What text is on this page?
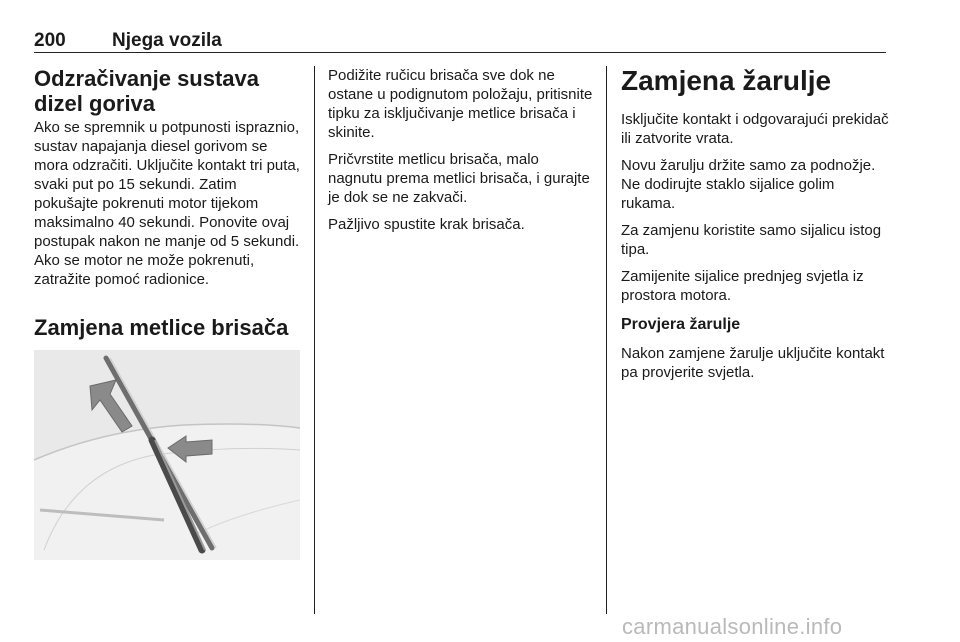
200 Njega vozila
Odzračivanje sustava dizel goriva

Ako se spremnik u potpunosti ispraznio, sustav napajanja diesel gorivom se mora odzračiti. Uključite kontakt tri puta, svaki put po 15 sekundi. Zatim pokušajte pokrenuti motor tijekom maksimalno 40 sekundi. Ponovite ovaj postupak nakon ne manje od 5 sekundi. Ako se motor ne može pokrenuti, zatražite pomoć radionice.

Zamjena metlice brisača

Podižite ručicu brisača sve dok ne ostane u podignutom položaju, pritisnite tipku za isključivanje metlice brisača i skinite.

Pričvrstite metlicu brisača, malo nagnutu prema metlici brisača, i gurajte je dok se ne zakvači.

Pažljivo spustite krak brisača.

Zamjena žarulje

Isključite kontakt i odgovarajući prekidač ili zatvorite vrata.

Novu žarulju držite samo za podnožje. Ne dodirujte staklo sijalice golim rukama.

Za zamjenu koristite samo sijalicu istog tipa.

Zamijenite sijalice prednjeg svjetla iz prostora motora.

Provjera žarulje

Nakon zamjene žarulje uključite kontakt pa provjerite svjetla.

carmanualsonline.info
